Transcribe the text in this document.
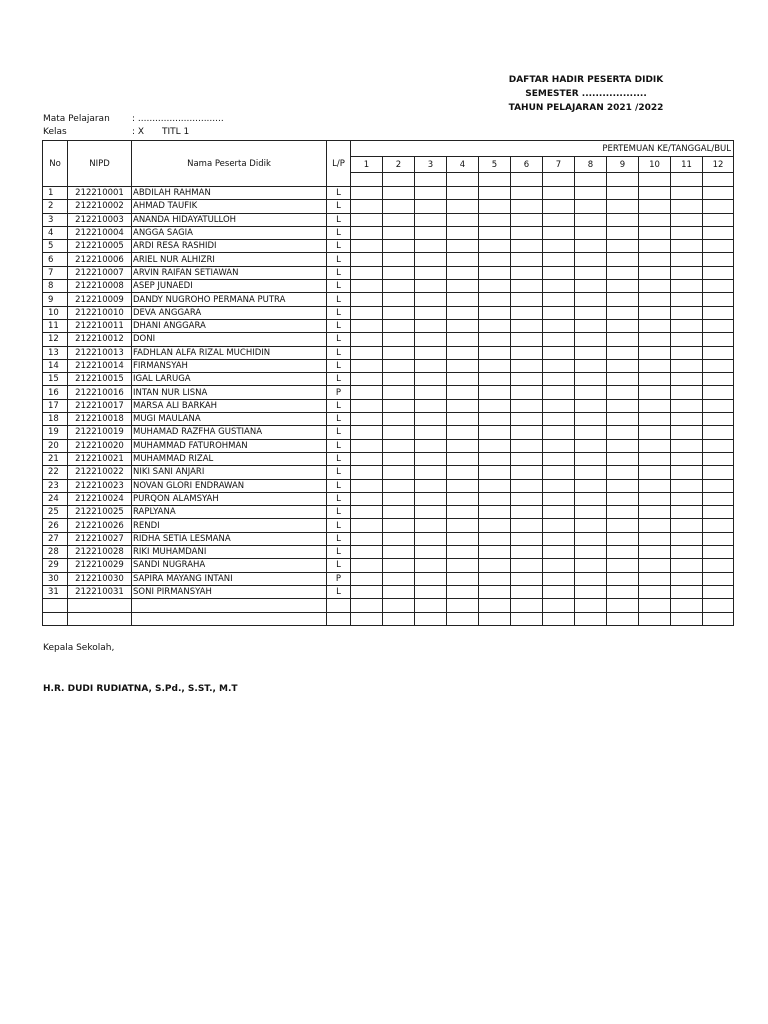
DAFTAR HADIR PESERTA DIDIK
SEMESTER ...................
TAHUN PELAJARAN 2021 /2022
Mata Pelajaran : ..............................
Kelas	: X TITL 1
No	NIPD	Nama Peserta Didik	L/P	PERTEMUAN KE/TANGGAL/BUL											
				1	2	3	4	5	6	7	8	9	10	11	12

1	212210001	ABDILAH RAHMAN	L												
2	212210002	AHMAD TAUFIK	L												
3	212210003	ANANDA HIDAYATULLOH	L												
4	212210004	ANGGA SAGIA	L												
5	212210005	ARDI RESA RASHIDI	L												
6	212210006	ARIEL NUR ALHIZRI	L												
7	212210007	ARVIN RAIFAN SETIAWAN	L												
8	212210008	ASEP JUNAEDI	L												
9	212210009	DANDY NUGROHO PERMANA PUTRA	L												
10	212210010	DEVA ANGGARA	L												
11	212210011	DHANI ANGGARA	L												
12	212210012	DONI	L												
13	212210013	FADHLAN ALFA RIZAL MUCHIDIN	L												
14	212210014	FIRMANSYAH	L												
15	212210015	IGAL LARUGA	L												
16	212210016	INTAN NUR LISNA	P												
17	212210017	MARSA ALI BARKAH	L												
18	212210018	MUGI MAULANA	L												
19	212210019	MUHAMAD RAZFHA GUSTIANA	L												
20	212210020	MUHAMMAD FATUROHMAN	L												
21	212210021	MUHAMMAD RIZAL	L												
22	212210022	NIKI SANI ANJARI	L												
23	212210023	NOVAN GLORI ENDRAWAN	L												
24	212210024	PURQON ALAMSYAH	L												
25	212210025	RAPLYANA	L												
26	212210026	RENDI	L												
27	212210027	RIDHA SETIA LESMANA	L												
28	212210028	RIKI MUHAMDANI	L												
29	212210029	SANDI NUGRAHA	L												
30	212210030	SAPIRA MAYANG INTANI	P												
31	212210031	SONI PIRMANSYAH	L												

Kepala Sekolah,
H.R. DUDI RUDIATNA, S.Pd., S.ST., M.T
